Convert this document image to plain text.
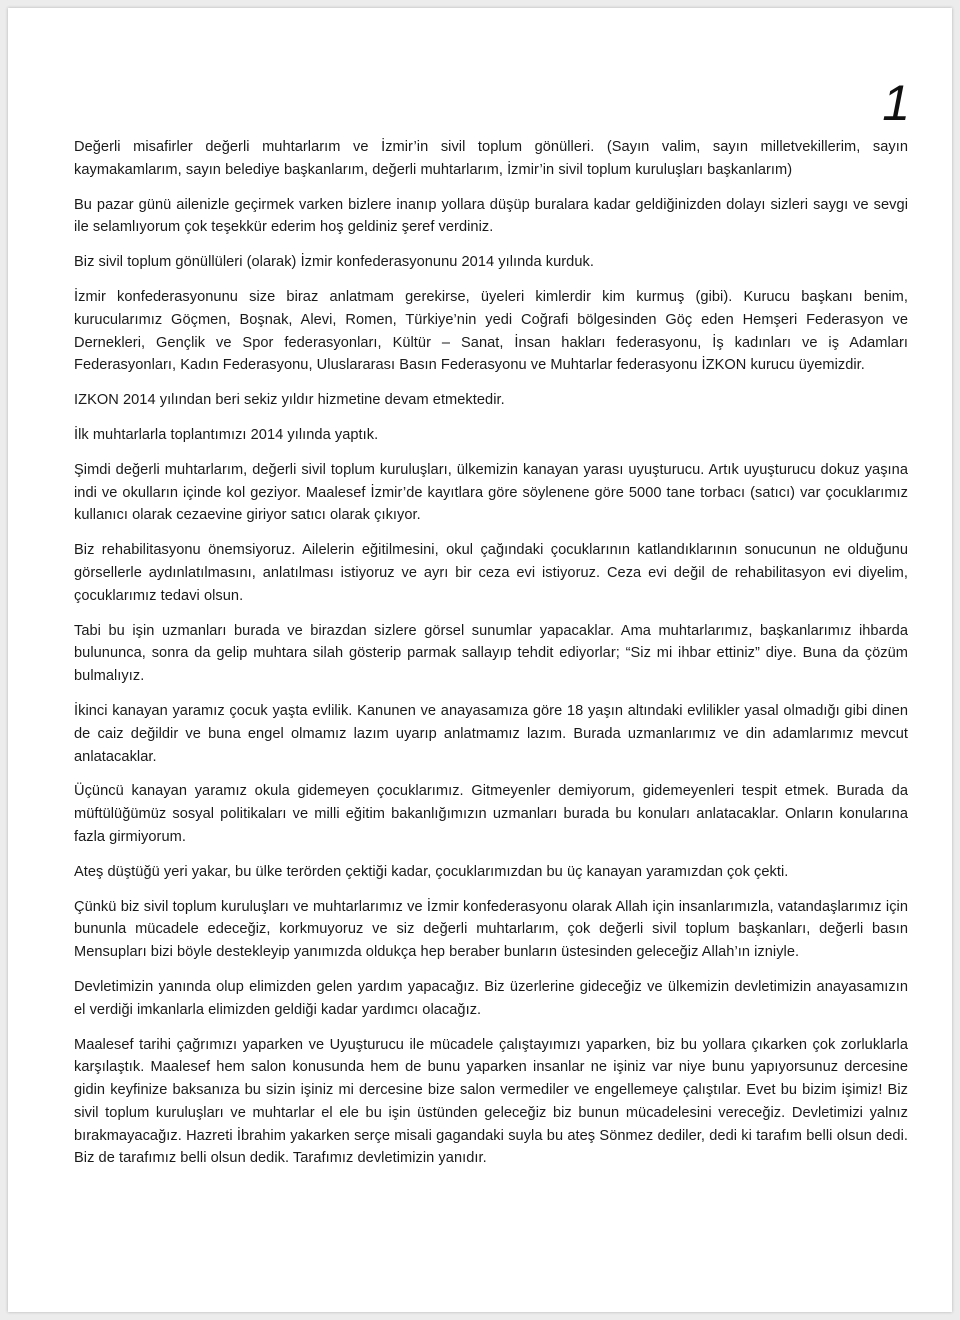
1

Değerli misafirler değerli muhtarlarım ve İzmir’in sivil toplum gönülleri. (Sayın valim, sayın milletvekillerim, sayın kaymakamlarım, sayın belediye başkanlarım, değerli muhtarlarım, İzmir’in sivil toplum kuruluşları başkanlarım)

Bu pazar günü ailenizle geçirmek varken bizlere inanıp yollara düşüp buralara kadar geldiğinizden dolayı sizleri saygı ve sevgi ile selamlıyorum çok teşekkür ederim hoş geldiniz şeref verdiniz.

Biz sivil toplum gönüllüleri (olarak) İzmir konfederasyonunu 2014 yılında kurduk.

İzmir konfederasyonunu size biraz anlatmam gerekirse, üyeleri kimlerdir kim kurmuş (gibi). Kurucu başkanı benim, kurucularımız Göçmen, Boşnak, Alevi, Romen, Türkiye’nin yedi Coğrafi bölgesinden Göç eden Hemşeri Federasyon ve Dernekleri, Gençlik ve Spor federasyonları, Kültür – Sanat, İnsan hakları federasyonu, İş kadınları ve iş Adamları Federasyonları, Kadın Federasyonu, Uluslararası Basın Federasyonu ve Muhtarlar federasyonu İZKON kurucu üyemizdir.

IZKON 2014 yılından beri sekiz yıldır hizmetine devam etmektedir.

İlk muhtarlarla toplantımızı 2014 yılında yaptık.

Şimdi değerli muhtarlarım, değerli sivil toplum kuruluşları, ülkemizin kanayan yarası uyuşturucu. Artık uyuşturucu dokuz yaşına indi ve okulların içinde kol geziyor. Maalesef İzmir’de kayıtlara göre söylenene göre 5000 tane torbacı (satıcı) var çocuklarımız kullanıcı olarak cezaevine giriyor satıcı olarak çıkıyor.

Biz rehabilitasyonu önemsiyoruz. Ailelerin eğitilmesini, okul çağındaki çocuklarının katlandıklarının sonucunun ne olduğunu görsellerle aydınlatılmasını, anlatılması istiyoruz ve ayrı bir ceza evi istiyoruz. Ceza evi değil de rehabilitasyon evi diyelim, çocuklarımız tedavi olsun.

Tabi bu işin uzmanları burada ve birazdan sizlere görsel sunumlar yapacaklar. Ama muhtarlarımız, başkanlarımız ihbarda bulununca, sonra da gelip muhtara silah gösterip parmak sallayıp tehdit ediyorlar; “Siz mi ihbar ettiniz” diye. Buna da çözüm bulmalıyız.

İkinci kanayan yaramız çocuk yaşta evlilik. Kanunen ve anayasamıza göre 18 yaşın altındaki evlilikler yasal olmadığı gibi dinen de caiz değildir ve buna engel olmamız lazım uyarıp anlatmamız lazım. Burada uzmanlarımız ve din adamlarımız mevcut anlatacaklar.

Üçüncü kanayan yaramız okula gidemeyen çocuklarımız. Gitmeyenler demiyorum, gidemeyenleri tespit etmek. Burada da müftülüğümüz sosyal politikaları ve milli eğitim bakanlığımızın uzmanları burada bu konuları anlatacaklar. Onların konularına fazla girmiyorum.

Ateş düştüğü yeri yakar, bu ülke terörden çektiği kadar, çocuklarımızdan bu üç kanayan yaramızdan çok çekti.

Çünkü biz sivil toplum kuruluşları ve muhtarlarımız ve İzmir konfederasyonu olarak Allah için insanlarımızla, vatandaşlarımız için bununla mücadele edeceğiz, korkmuyoruz ve siz değerli muhtarlarım, çok değerli sivil toplum başkanları, değerli basın Mensupları bizi böyle destekleyip yanımızda oldukça hep beraber bunların üstesinden geleceğiz Allah’ın izniyle.

Devletimizin yanında olup elimizden gelen yardım yapacağız. Biz üzerlerine gideceğiz ve ülkemizin devletimizin anayasamızın el verdiği imkanlarla elimizden geldiği kadar yardımcı olacağız.

Maalesef tarihi çağrımızı yaparken ve Uyuşturucu ile mücadele çalıştayımızı yaparken, biz bu yollara çıkarken çok zorluklarla karşılaştık. Maalesef hem salon konusunda hem de bunu yaparken insanlar ne işiniz var niye bunu yapıyorsunuz dercesine gidin keyfinize baksanıza bu sizin işiniz mi dercesine bize salon vermediler ve engellemeye çalıştılar. Evet bu bizim işimiz! Biz sivil toplum kuruluşları ve muhtarlar el ele bu işin üstünden geleceğiz biz bunun mücadelesini vereceğiz. Devletimizi yalnız bırakmayacağız. Hazreti İbrahim yakarken serçe misali gagandaki suyla bu ateş Sönmez dediler, dedi ki tarafım belli olsun dedi. Biz de tarafımız belli olsun dedik. Tarafımız devletimizin yanıdır.
